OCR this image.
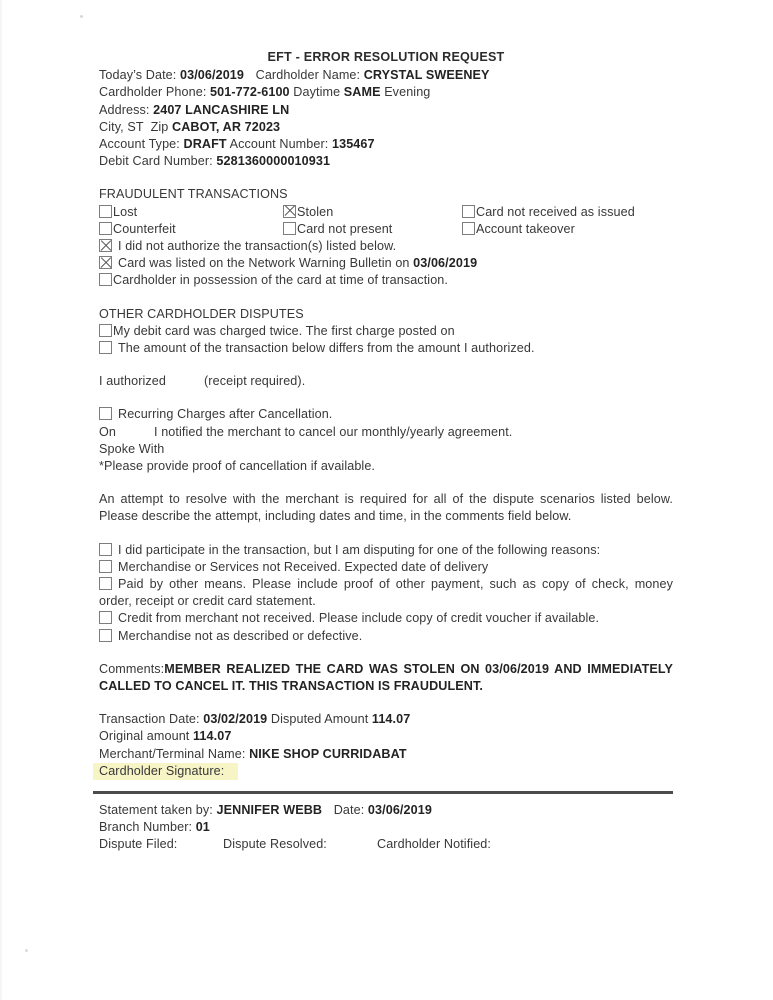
EFT - ERROR RESOLUTION REQUEST
Today’s Date: 03/06/2019 Cardholder Name: CRYSTAL SWEENEY
Cardholder Phone: 501-772-6100 Daytime SAME Evening
Address: 2407 LANCASHIRE LN
City, ST  Zip CABOT, AR 72023
Account Type: DRAFT Account Number: 135467
Debit Card Number: 5281360000010931
FRAUDULENT TRANSACTIONS
Lost	Stolen	Card not received as issued
Counterfeit	Card not present	Account takeover
I did not authorize the transaction(s) listed below.
Card was listed on the Network Warning Bulletin on 03/06/2019
Cardholder in possession of the card at time of transaction.
OTHER CARDHOLDER DISPUTES
My debit card was charged twice. The first charge posted on
The amount of the transaction below differs from the amount I authorized.
I authorized	(receipt required).
Recurring Charges after Cancellation.
On	I notified the merchant to cancel our monthly/yearly agreement.
Spoke With
*Please provide proof of cancellation if available.
An attempt to resolve with the merchant is required for all of the dispute scenarios listed below. Please describe the attempt, including dates and time, in the comments field below.
I did participate in the transaction, but I am disputing for one of the following reasons:
Merchandise or Services not Received. Expected date of delivery
Paid by other means. Please include proof of other payment, such as copy of check, money order, receipt or credit card statement.
Credit from merchant not received. Please include copy of credit voucher if available.
Merchandise not as described or defective.
Comments:MEMBER REALIZED THE CARD WAS STOLEN ON 03/06/2019 AND IMMEDIATELY CALLED TO CANCEL IT. THIS TRANSACTION IS FRAUDULENT.
Transaction Date: 03/02/2019 Disputed Amount 114.07
Original amount 114.07
Merchant/Terminal Name: NIKE SHOP CURRIDABAT
Cardholder Signature:
Statement taken by: JENNIFER WEBB Date: 03/06/2019
Branch Number: 01
Dispute Filed:	Dispute Resolved:	Cardholder Notified:
